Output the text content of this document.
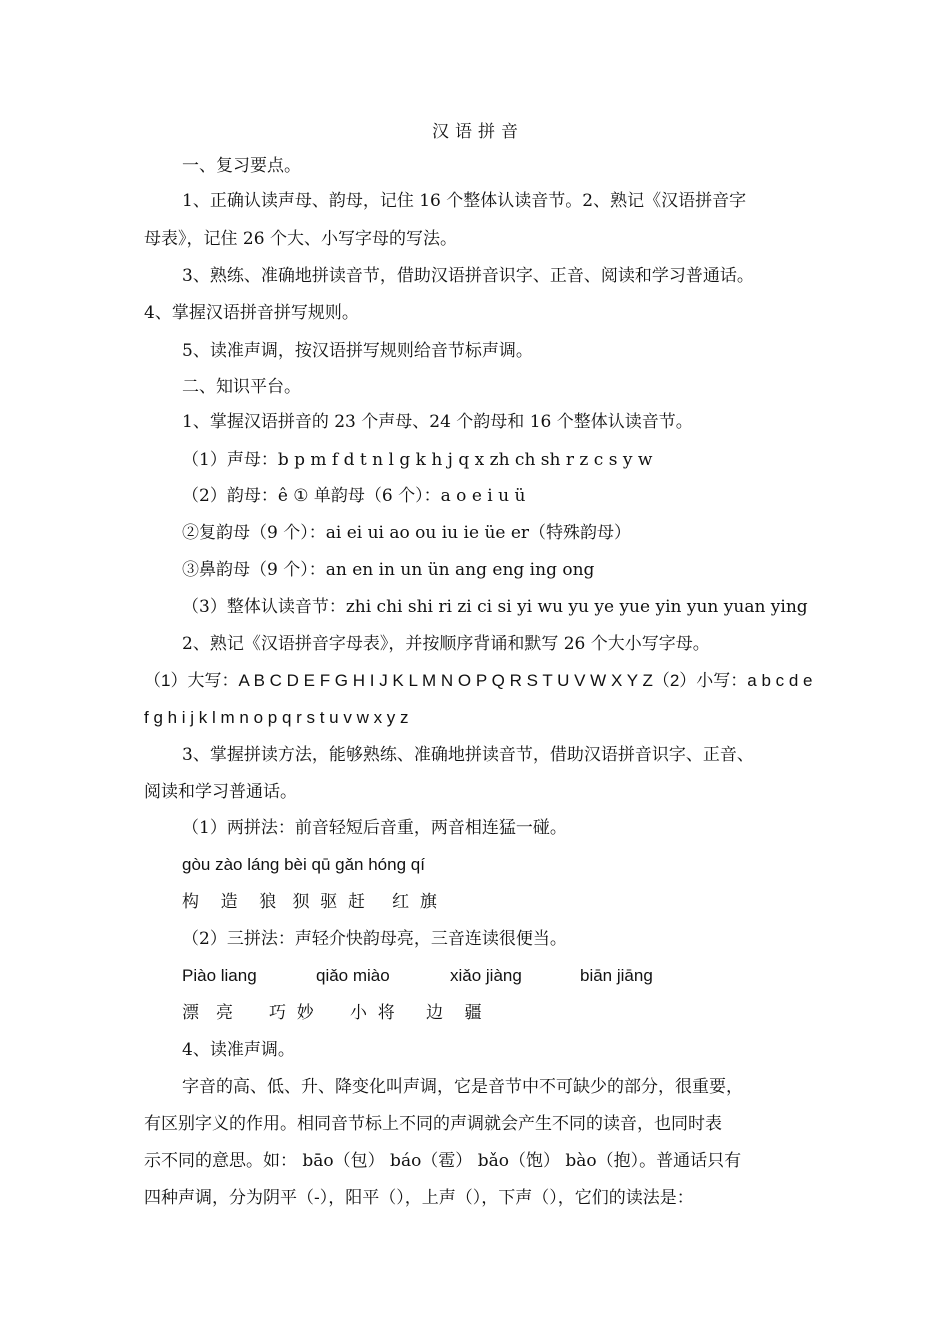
汉语拼音
一、复习要点。
1、正确认读声母、韵母，记住 16 个整体认读音节。2、熟记《汉语拼音字
母表》，记住 26 个大、小写字母的写法。
3、熟练、准确地拼读音节，借助汉语拼音识字、正音、阅读和学习普通话。
4、掌握汉语拼音拼写规则。
5、读准声调，按汉语拼写规则给音节标声调。
二、知识平台。
1、掌握汉语拼音的 23 个声母、24 个韵母和 16 个整体认读音节。
（1）声母：b p m f d t n l g k h j q x zh ch sh r z c s y w
（2）韵母：ê ① 单韵母（6 个）：a o e i u ü
②复韵母（9 个）：ai ei ui ao ou iu ie üe er（特殊韵母）
③鼻韵母（9 个）：an en in un ün ang eng ing ong
（3）整体认读音节：zhi chi shi ri zi ci si yi wu yu ye yue yin yun yuan ying
2、熟记《汉语拼音字母表》，并按顺序背诵和默写 26 个大小写字母。
（1）大写：A B C D E F G H I J K L M N O P Q R S T U V W X Y Z（2）小写：a b c d e
f g h i j k l m n o p q r s t u v w x y z
3、掌握拼读方法，能够熟练、准确地拼读音节，借助汉语拼音识字、正音、
阅读和学习普通话。
（1）两拼法：前音轻短后音重，两音相连猛一碰。
gòu zào láng bèi qū gǎn hóng qí
构    造    狼   狈  驱  赶     红  旗
（2）三拼法：声轻介快韵母亮，三音连读很便当。
Piào liang	qiǎo miào	xiǎo jiàng	biān jiāng
漂 亮 巧  妙 小  将 边    疆
4、读准声调。
字音的高、低、升、降变化叫声调，它是音节中不可缺少的部分，很重要，
有区别字义的作用。相同音节标上不同的声调就会产生不同的读音，也同时表
示不同的意思。如： bāo（包） báo（雹） bǎo（饱） bào（抱）。普通话只有
四种声调，分为阴平（-），阳平（），上声（），下声（），它们的读法是：
